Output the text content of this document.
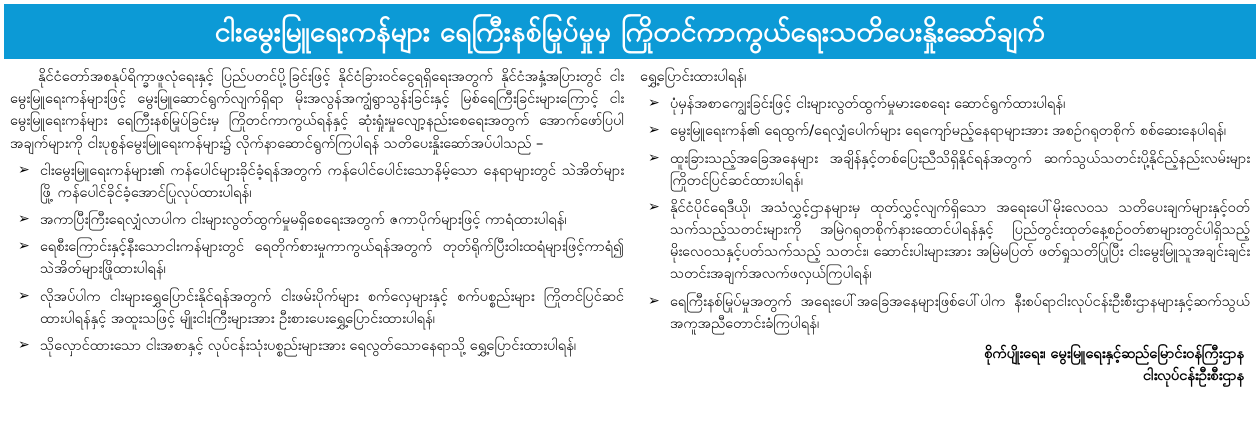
ငါးမွေးမြူရေးကန်များ ရေကြီးနစ်မြုပ်မှုမှ ကြိုတင်ကာကွယ်ရေးသတိပေးနှိုးဆော်ချက်

နိုင်ငံတော်အစနုပ်ရိက္ခာဖူလုံရေးနှင့် ပြည်ပတင်ပို့ခြင်းဖြင့် နိုင်ငံခြားဝင်ငွေရရှိရေးအတွက် နိုင်ငံအနှံ့အပြားတွင် ငါးမွေးမြူရေးကန်များဖြင့် မွေးမြူဆောင်ရွက်လျက်ရှိရာ မိုးအလွန်အကျွံရွာသွန်းခြင်းနှင့် မြစ်ရေကြီးခြင်းများကြောင့် ငါးမွေးမြူရေးကန်များ ရေကြီးနစ်မြုပ်ခြင်းမှ ကြိုတင်ကာကွယ်ရန်နှင့် ဆုံးရှုံးမှုလျော့နည်းစေရေးအတွက် အောက်ဖော်ပြပါအချက်များကို ငါးပုစွန်မွေးမြူရေးကန်များ၌ လိုက်နာဆောင်ရွက်ကြပါရန် သတိပေးနှိုးဆော်အပ်ပါသည် –

➢ ငါးမွေးမြူရေးကန်များ၏ ကန်ပေါင်များခိုင်ခံ့ရန်အတွက် ကန်ပေါင်ပေါင်းသောနိမ့်သော နေရာများတွင် သဲအိတ်များဖြို့ ကန်ပေါင်ခိုင်ခံ့အောင်ပြုလုပ်ထားပါရန်၊
➢ အကာပြီးကြီးရေလျှံလာပါက ငါးများလွတ်ထွက်မှုမရှိစေရေးအတွက် ဇကာပိုက်များဖြင့် ကာရံထားပါရန်၊
➢ ရေစီးကြောင်းနှင့်နီးသောငါးကန်များတွင် ရေတိုက်စားမှုကာကွယ်ရန်အတွက် တုတ်ရိုက်ပြီးဝါးထရံများဖြင့်ကာရံ၍ သဲအိတ်များဖြိုထားပါရန်၊
➢ လိုအပ်ပါက ငါးများရွှေပြောင်းနိုင်ရန်အတွက် ငါးဖမ်းပိုက်များ စက်လှေများနှင့် စက်ပစ္စည်းများ ကြိုတင်ပြင်ဆင်ထားပါရန်နှင့် အထူးသဖြင့် မျိုးငါးကြီးများအား ဦးစားပေးရွှေ့ပြောင်းထားပါရန်၊
➢ သိုလှောင်ထားသော ငါးအစာနှင့် လုပ်ငန်းသုံးပစ္စည်းများအား ရေလွတ်သောနေရာသို့ ရွှေ့ပြောင်းထားပါရန်၊

ရွှေ့ပြောင်းထားပါရန်၊

➢ ပုံမှန်အစာကျွေးခြင်းဖြင့် ငါးများလွတ်ထွက်မှုမားစေရေး ဆောင်ရွက်ထားပါရန်၊
➢ မွေးမြူရေးကန်၏ ရေထွက်/ရေလျှံပေါက်များ ရေကျော်မည့်နေရာများအား အစဉ်ဂရုတစိုက် စစ်ဆေးနေပါရန်၊
➢ ထူးခြားသည့်အခြေအနေများ အချိန်နှင့်တစ်ပြေးညီသိရှိနိုင်ရန်အတွက် ဆက်သွယ်သတင်းပို့နိုင်ည့်နည်းလမ်းများ ကြိုတင်ပြင်ဆင်ထားပါရန်၊
➢ နိုင်ငံပိုင်ရေဒီယို၊ အသံလွှင့်ဌာနများမှ ထုတ်လွှင့်လျက်ရှိသော အရေးပေါ်မိုးလေဝသ သတိပေးချက်များနှင့်ဝတ်သက်သည့်သတင်းများကို အမြဲဂရုတစိုက်နားထောင်ပါရန်နှင့် ပြည်တွင်းထုတ်နေ့စဉ်ဝတ်စာများတွင်ပါရှိသည့် မိုးလေဝသနှင့်ပတ်သက်သည့် သတင်း၊ ဆောင်းပါးများအား အမြဲမပြတ် ဖတ်ရှုသတိပြုပြီး ငါးမွေးမြူသူအချင်းချင်း သတင်းအချက်အလက်ဖလှယ်ကြပါရန်၊
➢ ရေကြီးနစ်မြုပ်မှုအတွက် အရေးပေါ်အခြေအနေများဖြစ်ပေါ်ပါက နီးစပ်ရာငါးလုပ်ငန်းဦးစီးဌာနများနှင့်ဆက်သွယ်အကူအညီတောင်းခံကြပါရန်၊
စိုက်ပျိုးရေး၊ မွေးမြူရေးနှင့်ဆည်မြောင်းဝန်ကြီးဌာန
ငါးလုပ်ငန်းဦးစီးဌာန
